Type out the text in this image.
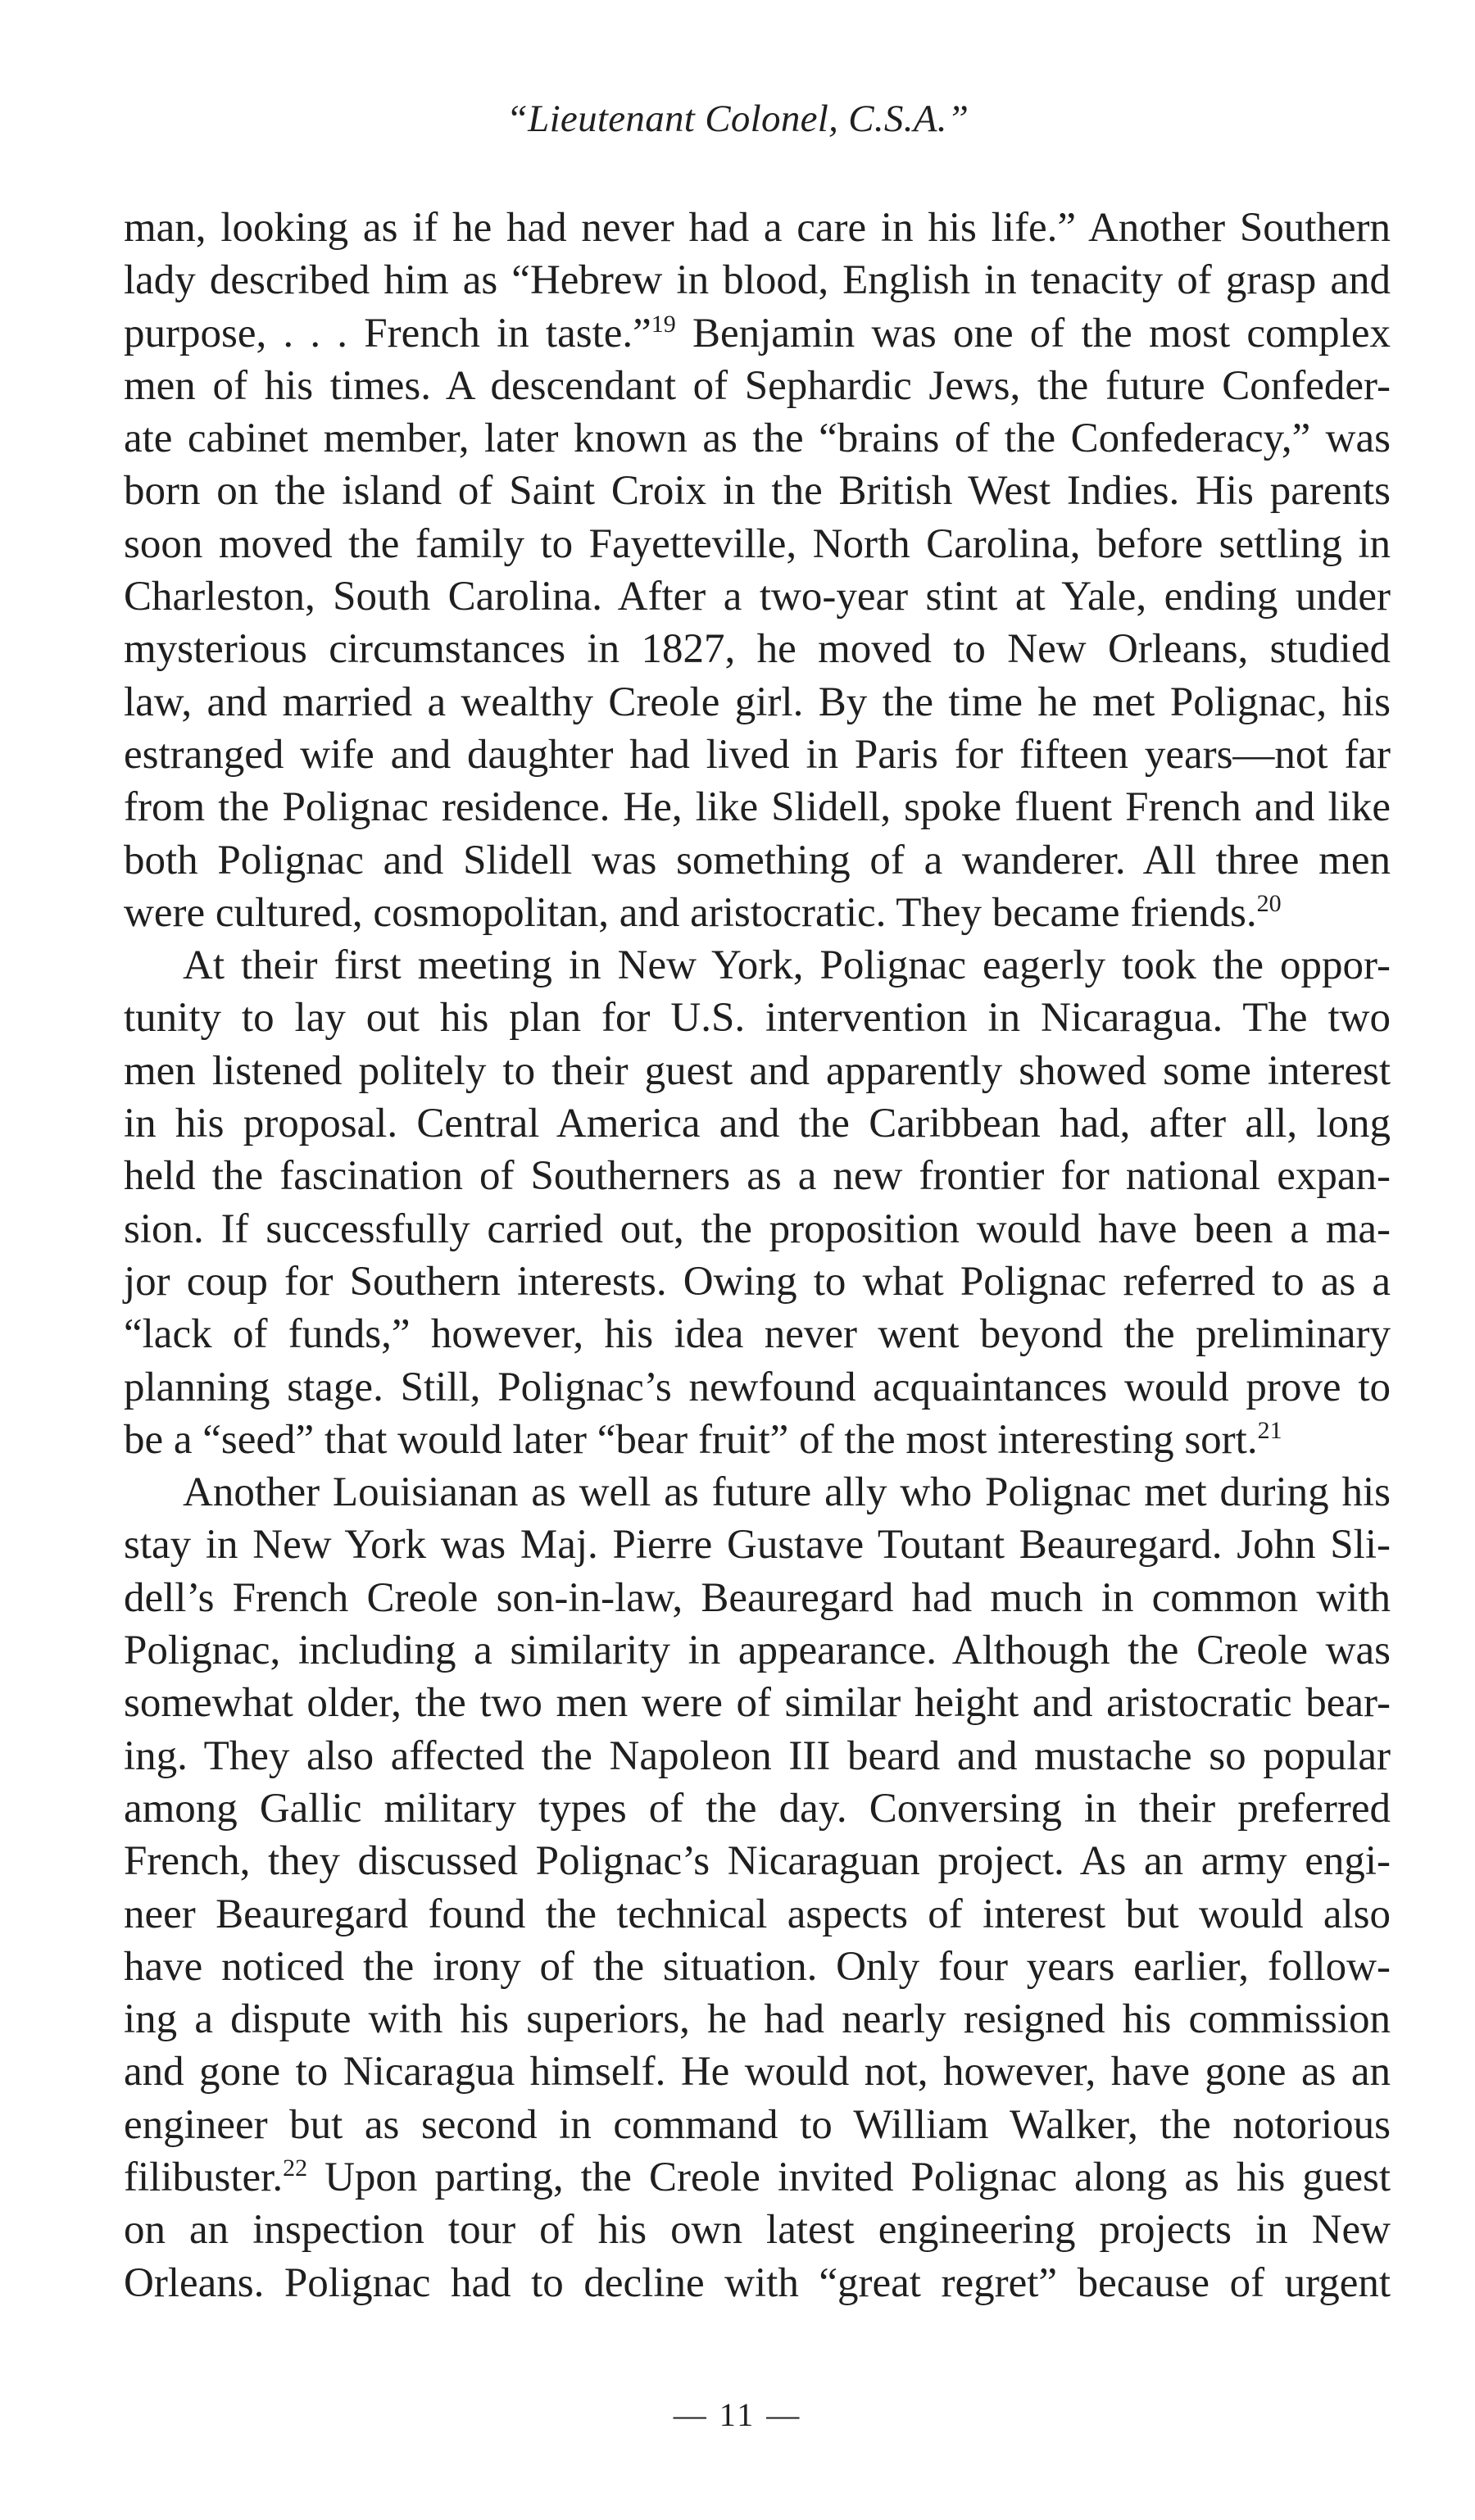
“Lieutenant Colonel, C.S.A.”
man, looking as if he had never had a care in his life.” Another Southern
lady described him as “Hebrew in blood, English in tenacity of grasp and
purpose, . . . French in taste.”$^{19}$ Benjamin was one of the most complex
men of his times. A descendant of Sephardic Jews, the future Confeder-
ate cabinet member, later known as the “brains of the Confederacy,” was
born on the island of Saint Croix in the British West Indies. His parents
soon moved the family to Fayetteville, North Carolina, before settling in
Charleston, South Carolina. After a two-year stint at Yale, ending under
mysterious circumstances in 1827, he moved to New Orleans, studied
law, and married a wealthy Creole girl. By the time he met Polignac, his
estranged wife and daughter had lived in Paris for fifteen years—not far
from the Polignac residence. He, like Slidell, spoke fluent French and like
both Polignac and Slidell was something of a wanderer. All three men
were cultured, cosmopolitan, and aristocratic. They became friends.$^{20}$
At their first meeting in New York, Polignac eagerly took the oppor-
tunity to lay out his plan for U.S. intervention in Nicaragua. The two
men listened politely to their guest and apparently showed some interest
in his proposal. Central America and the Caribbean had, after all, long
held the fascination of Southerners as a new frontier for national expan-
sion. If successfully carried out, the proposition would have been a ma-
jor coup for Southern interests. Owing to what Polignac referred to as a
“lack of funds,” however, his idea never went beyond the preliminary
planning stage. Still, Polignac’s newfound acquaintances would prove to
be a “seed” that would later “bear fruit” of the most interesting sort.$^{21}$
Another Louisianan as well as future ally who Polignac met during his
stay in New York was Maj. Pierre Gustave Toutant Beauregard. John Sli-
dell’s French Creole son-in-law, Beauregard had much in common with
Polignac, including a similarity in appearance. Although the Creole was
somewhat older, the two men were of similar height and aristocratic bear-
ing. They also affected the Napoleon III beard and mustache so popular
among Gallic military types of the day. Conversing in their preferred
French, they discussed Polignac’s Nicaraguan project. As an army engi-
neer Beauregard found the technical aspects of interest but would also
have noticed the irony of the situation. Only four years earlier, follow-
ing a dispute with his superiors, he had nearly resigned his commission
and gone to Nicaragua himself. He would not, however, have gone as an
engineer but as second in command to William Walker, the notorious
filibuster.$^{22}$ Upon parting, the Creole invited Polignac along as his guest
on an inspection tour of his own latest engineering projects in New
Orleans. Polignac had to decline with “great regret” because of urgent
— 11 —
